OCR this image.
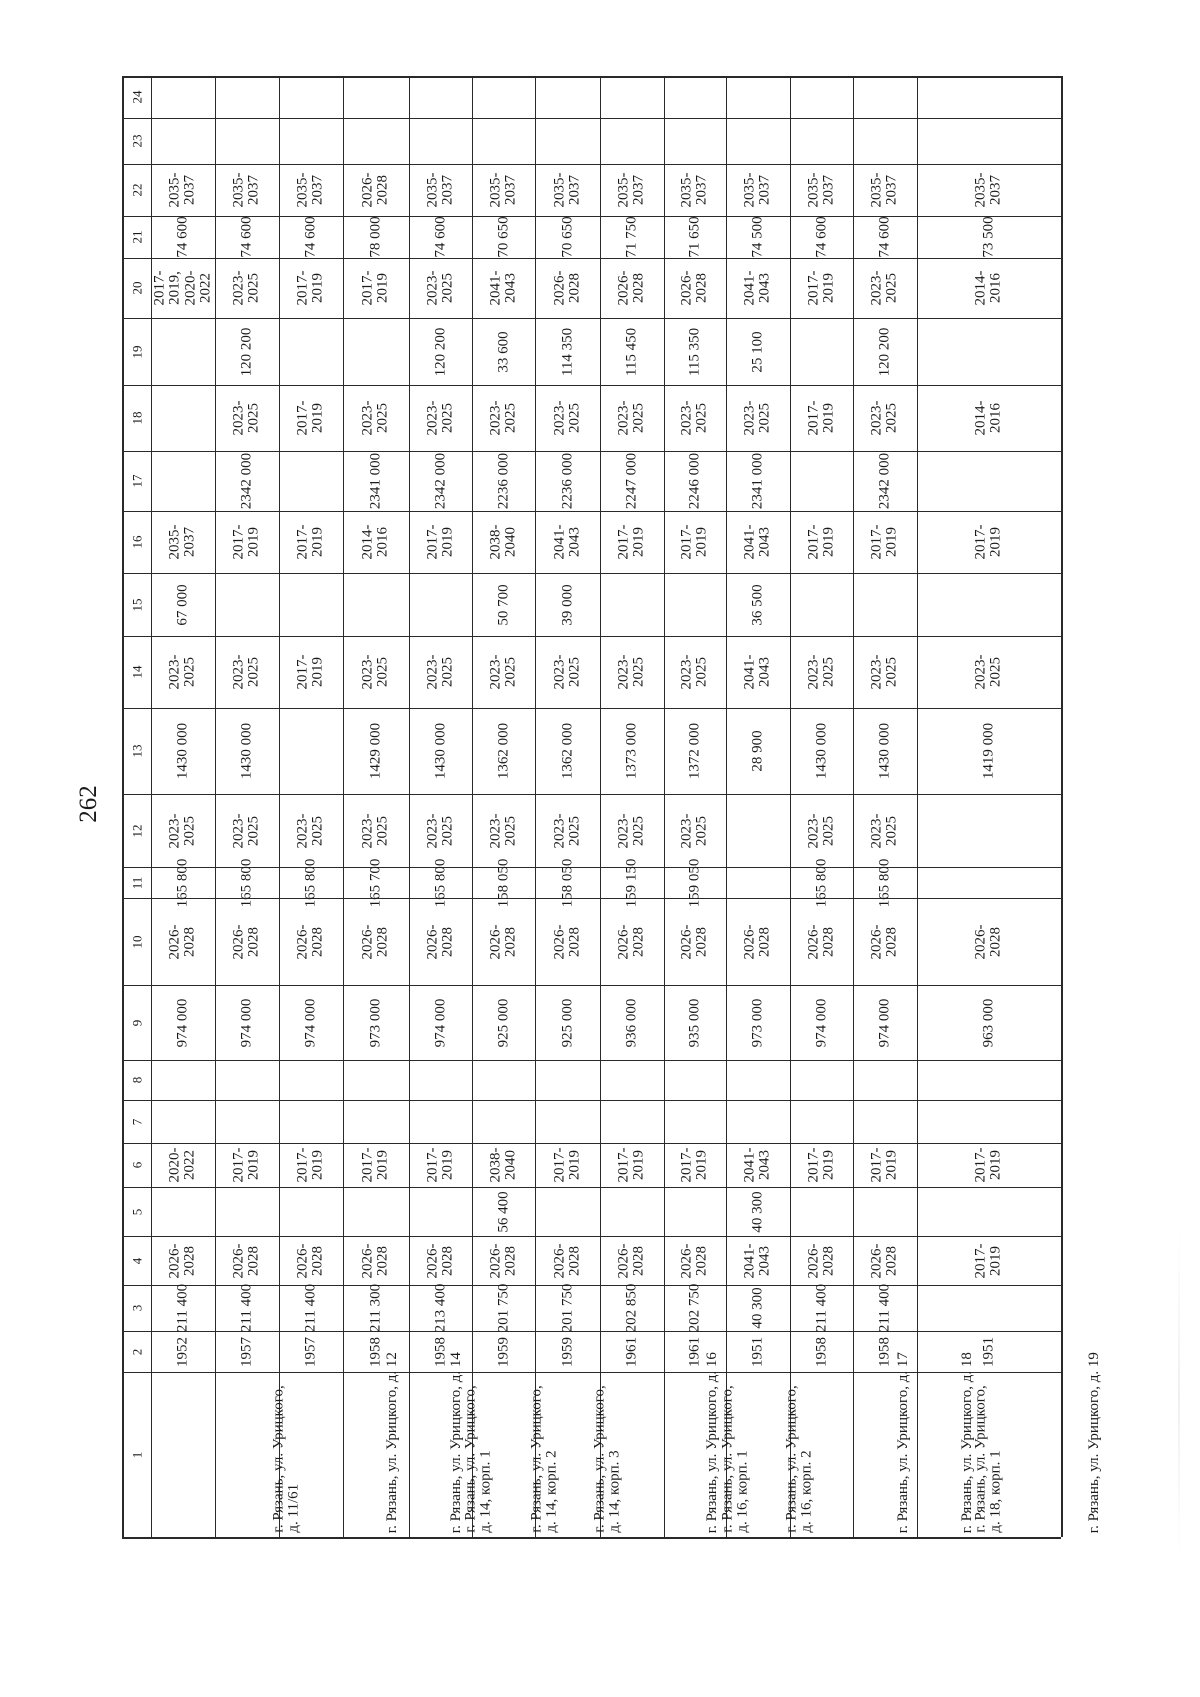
262
1
2
3
4
5
6
7
8
9
10
11
12
13
14
15
16
17
18
19
20
21
22
23
24
г. Рязань, ул. Урицкого,
д. 11/61
1952
211 400
2026-
2028
2020-
2022
974 000
2026-
2028
165 800
2023-
2025
1430 000
2023-
2025
67 000
2035-
2037
2017-
2019,
2020-
2022
74 600
2035-
2037
г. Рязань, ул. Урицкого, д. 12
1957
211 400
2026-
2028
2017-
2019
974 000
2026-
2028
165 800
2023-
2025
1430 000
2023-
2025
2017-
2019
2342 000
2023-
2025
120 200
2023-
2025
74 600
2035-
2037
г. Рязань, ул. Урицкого, д. 14
1957
211 400
2026-
2028
2017-
2019
974 000
2026-
2028
165 800
2023-
2025
2017-
2019
2017-
2019
2017-
2019
2017-
2019
74 600
2035-
2037
г. Рязань, ул. Урицкого,
д. 14, корп. 1
1958
211 300
2026-
2028
2017-
2019
973 000
2026-
2028
165 700
2023-
2025
1429 000
2023-
2025
2014-
2016
2341 000
2023-
2025
2017-
2019
78 000
2026-
2028
г. Рязань, ул. Урицкого,
д. 14, корп. 2
1958
213 400
2026-
2028
2017-
2019
974 000
2026-
2028
165 800
2023-
2025
1430 000
2023-
2025
2017-
2019
2342 000
2023-
2025
120 200
2023-
2025
74 600
2035-
2037
г. Рязань, ул. Урицкого,
д. 14, корп. 3
1959
201 750
2026-
2028
56 400
2038-
2040
925 000
2026-
2028
158 050
2023-
2025
1362 000
2023-
2025
50 700
2038-
2040
2236 000
2023-
2025
33 600
2041-
2043
70 650
2035-
2037
г. Рязань, ул. Урицкого, д. 16
1959
201 750
2026-
2028
2017-
2019
925 000
2026-
2028
158 050
2023-
2025
1362 000
2023-
2025
39 000
2041-
2043
2236 000
2023-
2025
114 350
2026-
2028
70 650
2035-
2037
г. Рязань, ул. Урицкого,
д. 16, корп. 1
1961
202 850
2026-
2028
2017-
2019
936 000
2026-
2028
159 150
2023-
2025
1373 000
2023-
2025
2017-
2019
2247 000
2023-
2025
115 450
2026-
2028
71 750
2035-
2037
г. Рязань, ул. Урицкого,
д. 16, корп. 2
1961
202 750
2026-
2028
2017-
2019
935 000
2026-
2028
159 050
2023-
2025
1372 000
2023-
2025
2017-
2019
2246 000
2023-
2025
115 350
2026-
2028
71 650
2035-
2037
г. Рязань, ул. Урицкого, д. 17
1951
40 300
2041-
2043
40 300
2041-
2043
973 000
2026-
2028
28 900
2041-
2043
36 500
2041-
2043
2341 000
2023-
2025
25 100
2041-
2043
74 500
2035-
2037
г. Рязань, ул. Урицкого, д. 18
1958
211 400
2026-
2028
2017-
2019
974 000
2026-
2028
165 800
2023-
2025
1430 000
2023-
2025
2017-
2019
2017-
2019
2017-
2019
74 600
2035-
2037
г. Рязань, ул. Урицкого,
д. 18, корп. 1
1958
211 400
2026-
2028
2017-
2019
974 000
2026-
2028
165 800
2023-
2025
1430 000
2023-
2025
2017-
2019
2342 000
2023-
2025
120 200
2023-
2025
74 600
2035-
2037
г. Рязань, ул. Урицкого, д. 19
1951
2017-
2019
2017-
2019
963 000
2026-
2028
1419 000
2023-
2025
2017-
2019
2014-
2016
2014-
2016
73 500
2035-
2037
